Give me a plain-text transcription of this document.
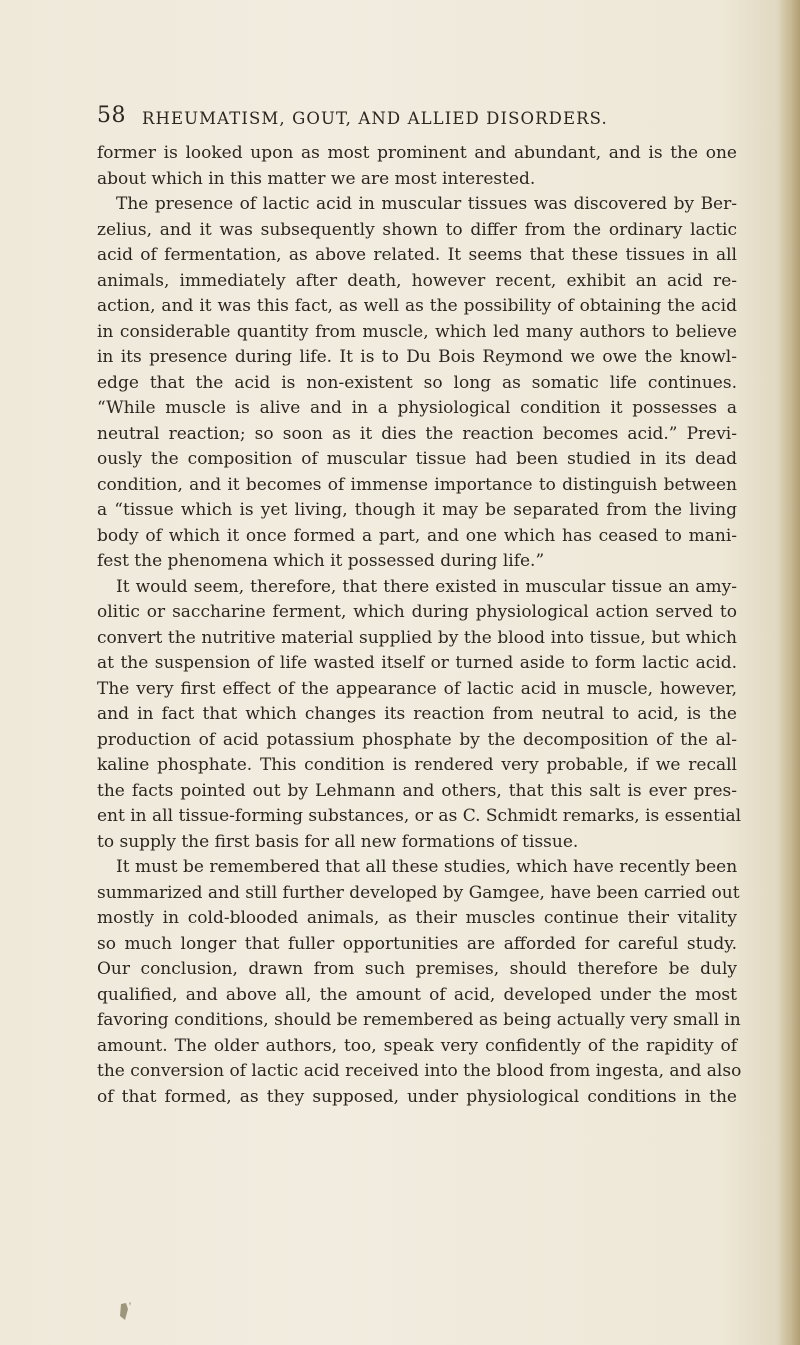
58 RHEUMATISM, GOUT, AND ALLIED DISORDERS.
former is looked upon as most prominent and abundant, and is the one
about which in this matter we are most interested.
The presence of lactic acid in muscular tissues was discovered by Ber-
zelius, and it was subsequently shown to differ from the ordinary lactic
acid of fermentation, as above related. It seems that these tissues in all
animals, immediately after death, however recent, exhibit an acid re-
action, and it was this fact, as well as the possibility of obtaining the acid
in considerable quantity from muscle, which led many authors to believe
in its presence during life. It is to Du Bois Reymond we owe the knowl-
edge that the acid is non-existent so long as somatic life continues.
“While muscle is alive and in a physiological condition it possesses a
neutral reaction; so soon as it dies the reaction becomes acid.” Previ-
ously the composition of muscular tissue had been studied in its dead
condition, and it becomes of immense importance to distinguish between
a “tissue which is yet living, though it may be separated from the living
body of which it once formed a part, and one which has ceased to mani-
fest the phenomena which it possessed during life.”
It would seem, therefore, that there existed in muscular tissue an amy-
olitic or saccharine ferment, which during physiological action served to
convert the nutritive material supplied by the blood into tissue, but which
at the suspension of life wasted itself or turned aside to form lactic acid.
The very first effect of the appearance of lactic acid in muscle, however,
and in fact that which changes its reaction from neutral to acid, is the
production of acid potassium phosphate by the decomposition of the al-
kaline phosphate. This condition is rendered very probable, if we recall
the facts pointed out by Lehmann and others, that this salt is ever pres-
ent in all tissue-forming substances, or as C. Schmidt remarks, is essential
to supply the first basis for all new formations of tissue.
It must be remembered that all these studies, which have recently been
summarized and still further developed by Gamgee, have been carried out
mostly in cold-blooded animals, as their muscles continue their vitality
so much longer that fuller opportunities are afforded for careful study.
Our conclusion, drawn from such premises, should therefore be duly
qualified, and above all, the amount of acid, developed under the most
favoring conditions, should be remembered as being actually very small in
amount. The older authors, too, speak very confidently of the rapidity of
the conversion of lactic acid received into the blood from ingesta, and also
of that formed, as they supposed, under physiological conditions in the
